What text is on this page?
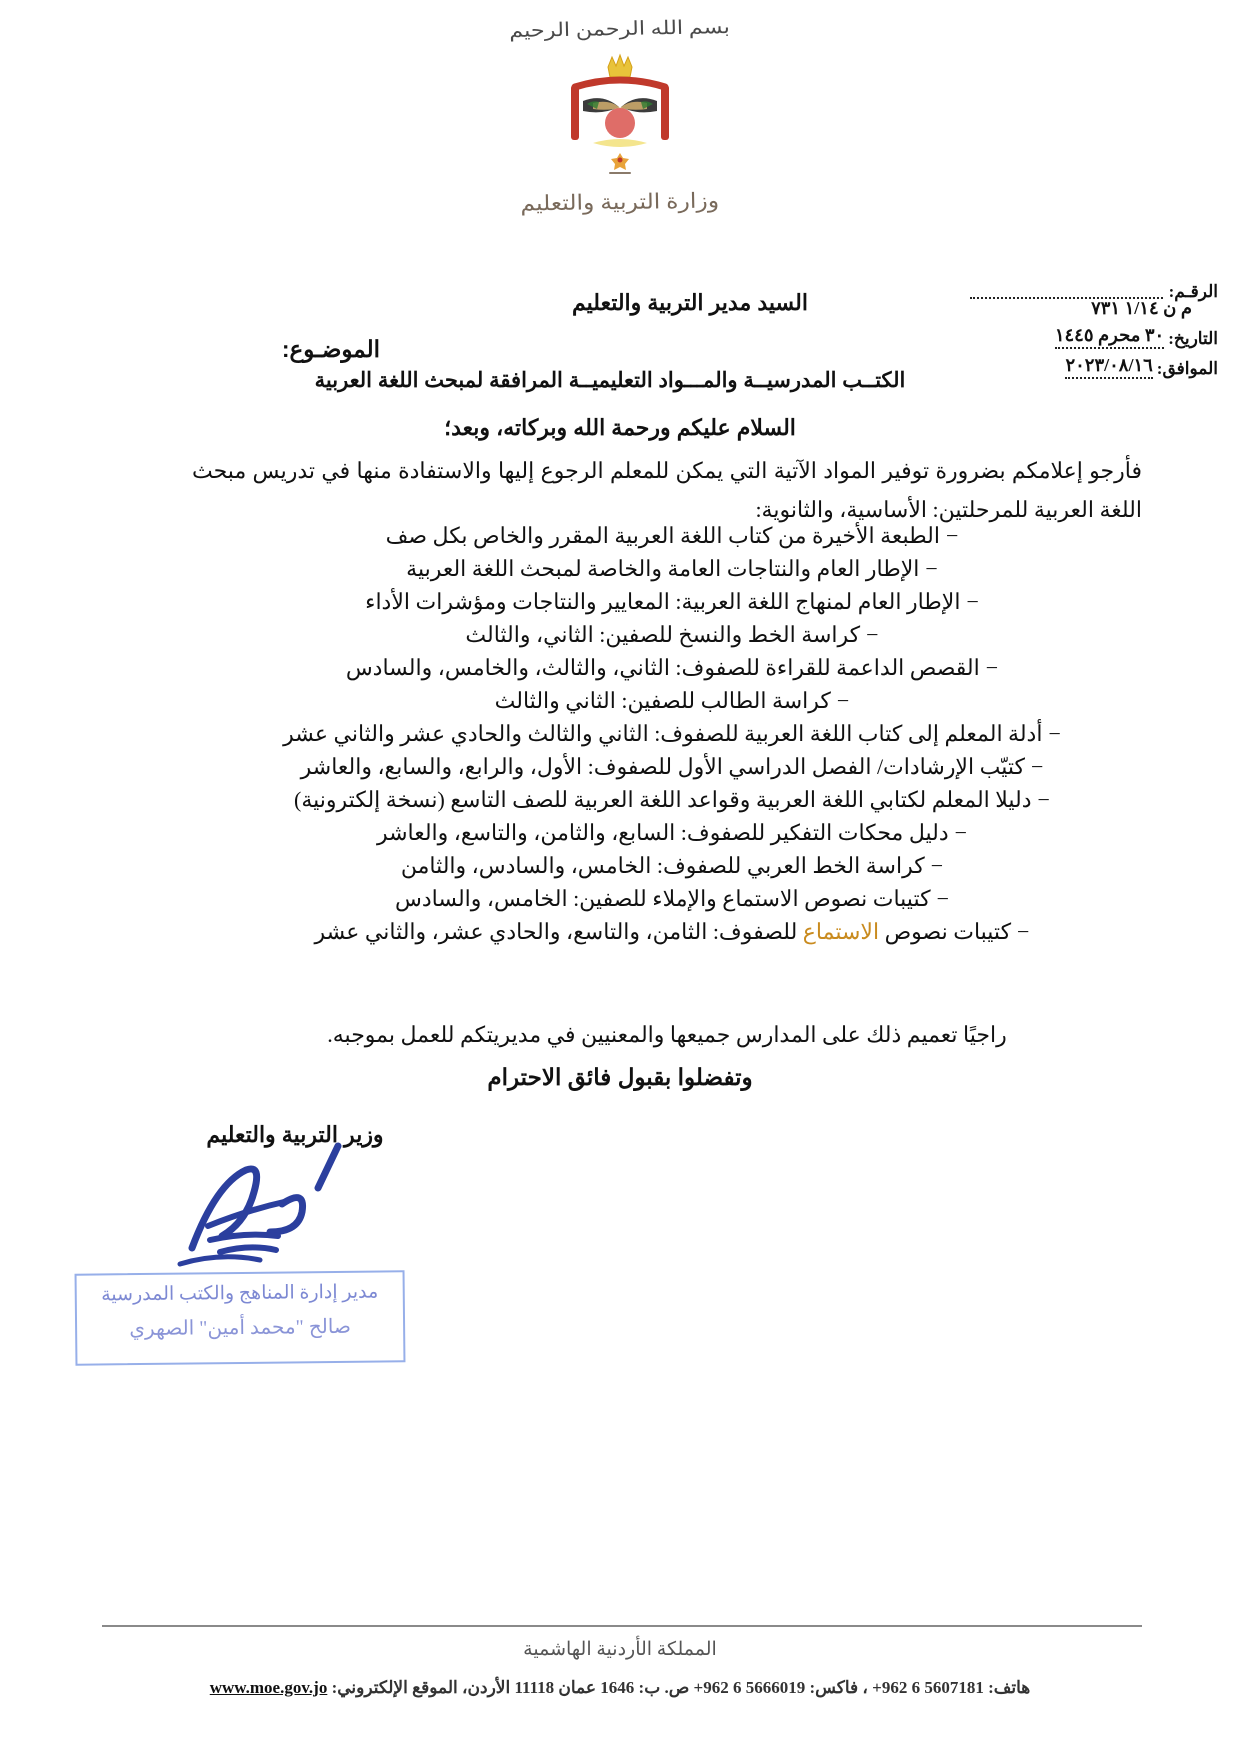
بسم الله الرحمن الرحيم
وزارة التربية والتعليم
الرقـم:
م ن ١/١٤ ٧٣١
التاريخ:
٣٠ محرم ١٤٤٥
الموافق:
٢٠٢٣/٠٨/١٦
السيد مدير التربية والتعليم
الموضـوع:
الكتــب المدرسيــة والمـــواد التعليميــة المرافقة لمبحث اللغة العربية
السلام عليكم ورحمة الله وبركاته، وبعد؛
فأرجو إعلامكم بضرورة توفير المواد الآتية التي يمكن للمعلم الرجوع إليها والاستفادة منها في تدريس مبحث اللغة العربية للمرحلتين: الأساسية، والثانوية:
−الطبعة الأخيرة من كتاب اللغة العربية المقرر والخاص بكل صف
−الإطار العام والنتاجات العامة والخاصة لمبحث اللغة العربية
−الإطار العام لمنهاج اللغة العربية: المعايير والنتاجات ومؤشرات الأداء
−كراسة الخط والنسخ للصفين: الثاني، والثالث
−القصص الداعمة للقراءة للصفوف: الثاني، والثالث، والخامس، والسادس
−كراسة الطالب للصفين: الثاني والثالث
−أدلة المعلم إلى كتاب اللغة العربية للصفوف: الثاني والثالث والحادي عشر والثاني عشر
−كتيّب الإرشادات/ الفصل الدراسي الأول للصفوف: الأول، والرابع، والسابع، والعاشر
−دليلا المعلم لكتابي اللغة العربية وقواعد اللغة العربية للصف التاسع (نسخة إلكترونية)
−دليل محكات التفكير للصفوف: السابع، والثامن، والتاسع، والعاشر
−كراسة الخط العربي للصفوف: الخامس، والسادس، والثامن
−كتيبات نصوص الاستماع والإملاء للصفين: الخامس، والسادس
−كتيبات نصوص الاستماع للصفوف: الثامن، والتاسع، والحادي عشر، والثاني عشر
راجيًا تعميم ذلك على المدارس جميعها والمعنيين في مديريتكم للعمل بموجبه.
وتفضلوا بقبول فائق الاحترام
وزير التربية والتعليم
مدير إدارة المناهج والكتب المدرسية
صالح "محمد أمين" الصهري
المملكة الأردنية الهاشمية
هاتف: 5607181 6 962+ ، فاكس: 5666019 6 962+ ص. ب: 1646 عمان 11118 الأردن، الموقع الإلكتروني: www.moe.gov.jo
